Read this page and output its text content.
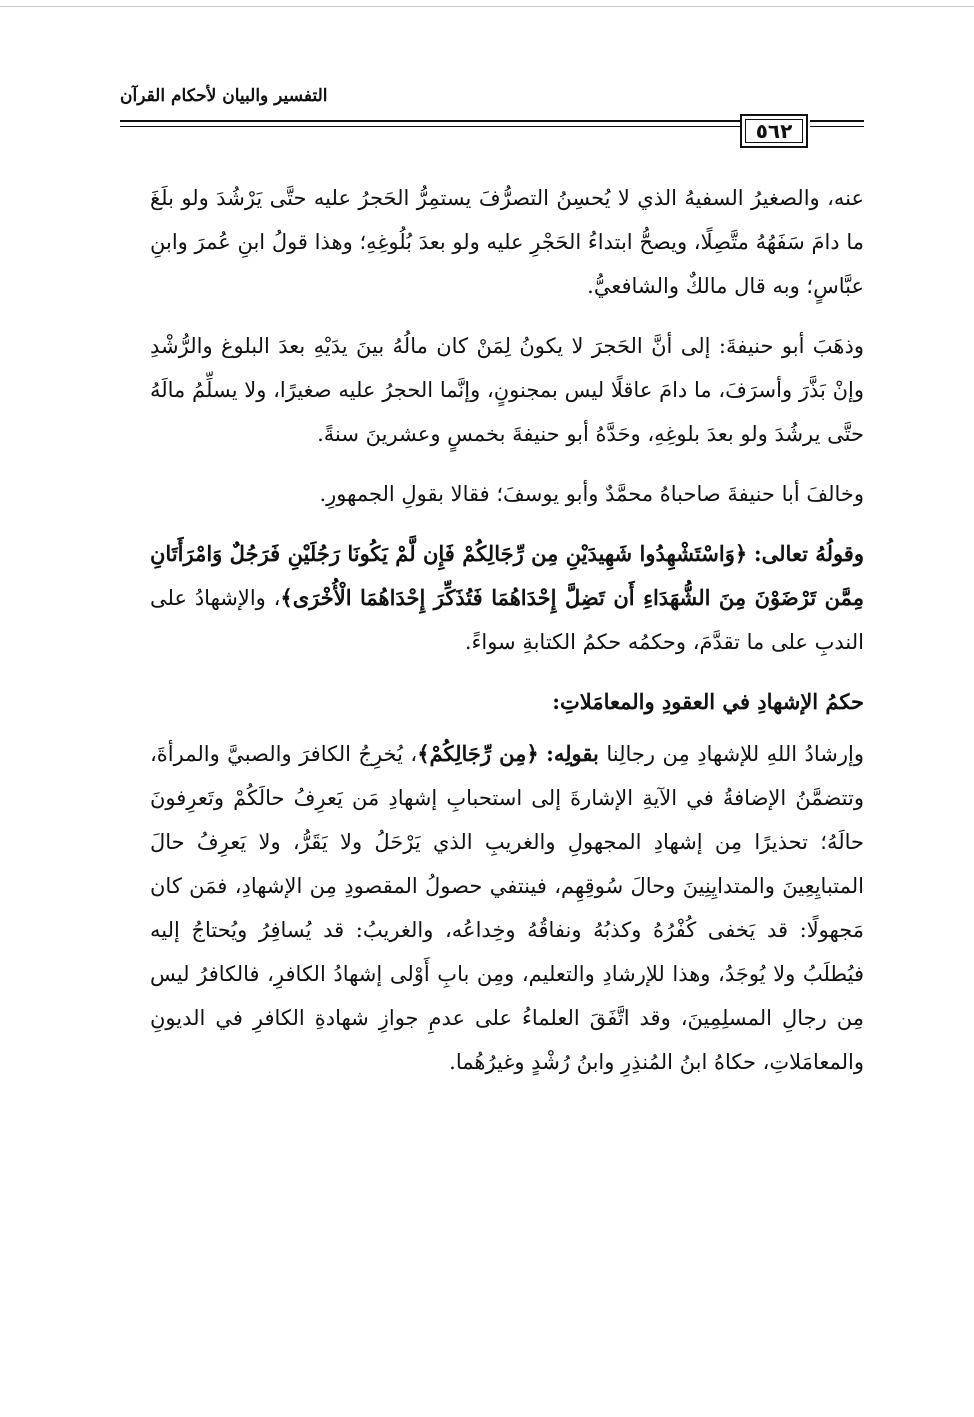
التفسير والبيان لأحكام القرآن
٥٦٢

عنه، والصغيرُ السفيهُ الذي لا يُحسِنُ التصرُّفَ يستمِرُّ الحَجرُ عليه حتَّى يَرْشُدَ ولو بلَغَ ما دامَ سَفَهُهُ متَّصِلًا، ويصحُّ ابتداءُ الحَجْرِ عليه ولو بعدَ بُلُوغِهِ؛ وهذا قولُ ابنِ عُمرَ وابنِ عبَّاسٍ؛ وبه قال مالكٌ والشافعيُّ.

وذهَبَ أبو حنيفةَ: إلى أنَّ الحَجرَ لا يكونُ لِمَنْ كان مالُهُ بينَ يدَيْهِ بعدَ البلوغ والرُّشْدِ وإنْ بَذَّرَ وأسرَفَ، ما دامَ عاقلًا ليس بمجنونٍ، وإنَّما الحجرُ عليه صغيرًا، ولا يسلِّمُ مالَهُ حتَّى يرشُدَ ولو بعدَ بلوغِهِ، وحَدَّهُ أبو حنيفةَ بخمسٍ وعشرينَ سنةً.

وخالفَ أبا حنيفةَ صاحباهُ محمَّدٌ وأبو يوسفَ؛ فقالا بقولِ الجمهورِ.

وقولُهُ تعالى: ﴿وَاسْتَشْهِدُوا شَهِيدَيْنِ مِن رِّجَالِكُمْ فَإِن لَّمْ يَكُونَا رَجُلَيْنِ فَرَجُلٌ وَامْرَأَتَانِ مِمَّن تَرْضَوْنَ مِنَ الشُّهَدَاءِ أَن تَضِلَّ إِحْدَاهُمَا فَتُذَكِّرَ إِحْدَاهُمَا الْأُخْرَى﴾، والإشهادُ على الندبِ على ما تقدَّمَ، وحكمُه حكمُ الكتابةِ سواءً.

حكمُ الإشهادِ في العقودِ والمعامَلاتِ:

وإرشادُ اللهِ للإشهادِ مِن رجالِنا بقولِه: ﴿مِن رِّجَالِكُمْ﴾، يُخرِجُ الكافرَ والصبيَّ والمرأةَ، وتتضمَّنُ الإضافةُ في الآيةِ الإشارةَ إلى استحبابِ إشهادِ مَن يَعرِفُ حالَكُمْ وتَعرِفونَ حالَهُ؛ تحذيرًا مِن إشهادِ المجهولِ والغريبِ الذي يَرْحَلُ ولا يَقَرُّ، ولا يَعرِفُ حالَ المتبايِعِينَ والمتدايِنِينَ وحالَ سُوقِهِم، فينتفي حصولُ المقصودِ مِن الإشهادِ، فمَن كان مَجهولًا: قد يَخفى كُفْرُهُ وكذبُهُ ونفاقُهُ وخِداعُه، والغريبُ: قد يُسافِرُ ويُحتاجُ إليه فيُطلَبُ ولا يُوجَدُ، وهذا للإرشادِ والتعليم، ومِن بابِ أَوْلى إشهادُ الكافرِ، فالكافرُ ليس مِن رجالِ المسلِمِينَ، وقد اتَّفَقَ العلماءُ على عدمِ جوازِ شهادةِ الكافرِ في الديونِ والمعامَلاتِ، حكاهُ ابنُ المُنذِرِ وابنُ رُشْدٍ وغيرُهُما.
